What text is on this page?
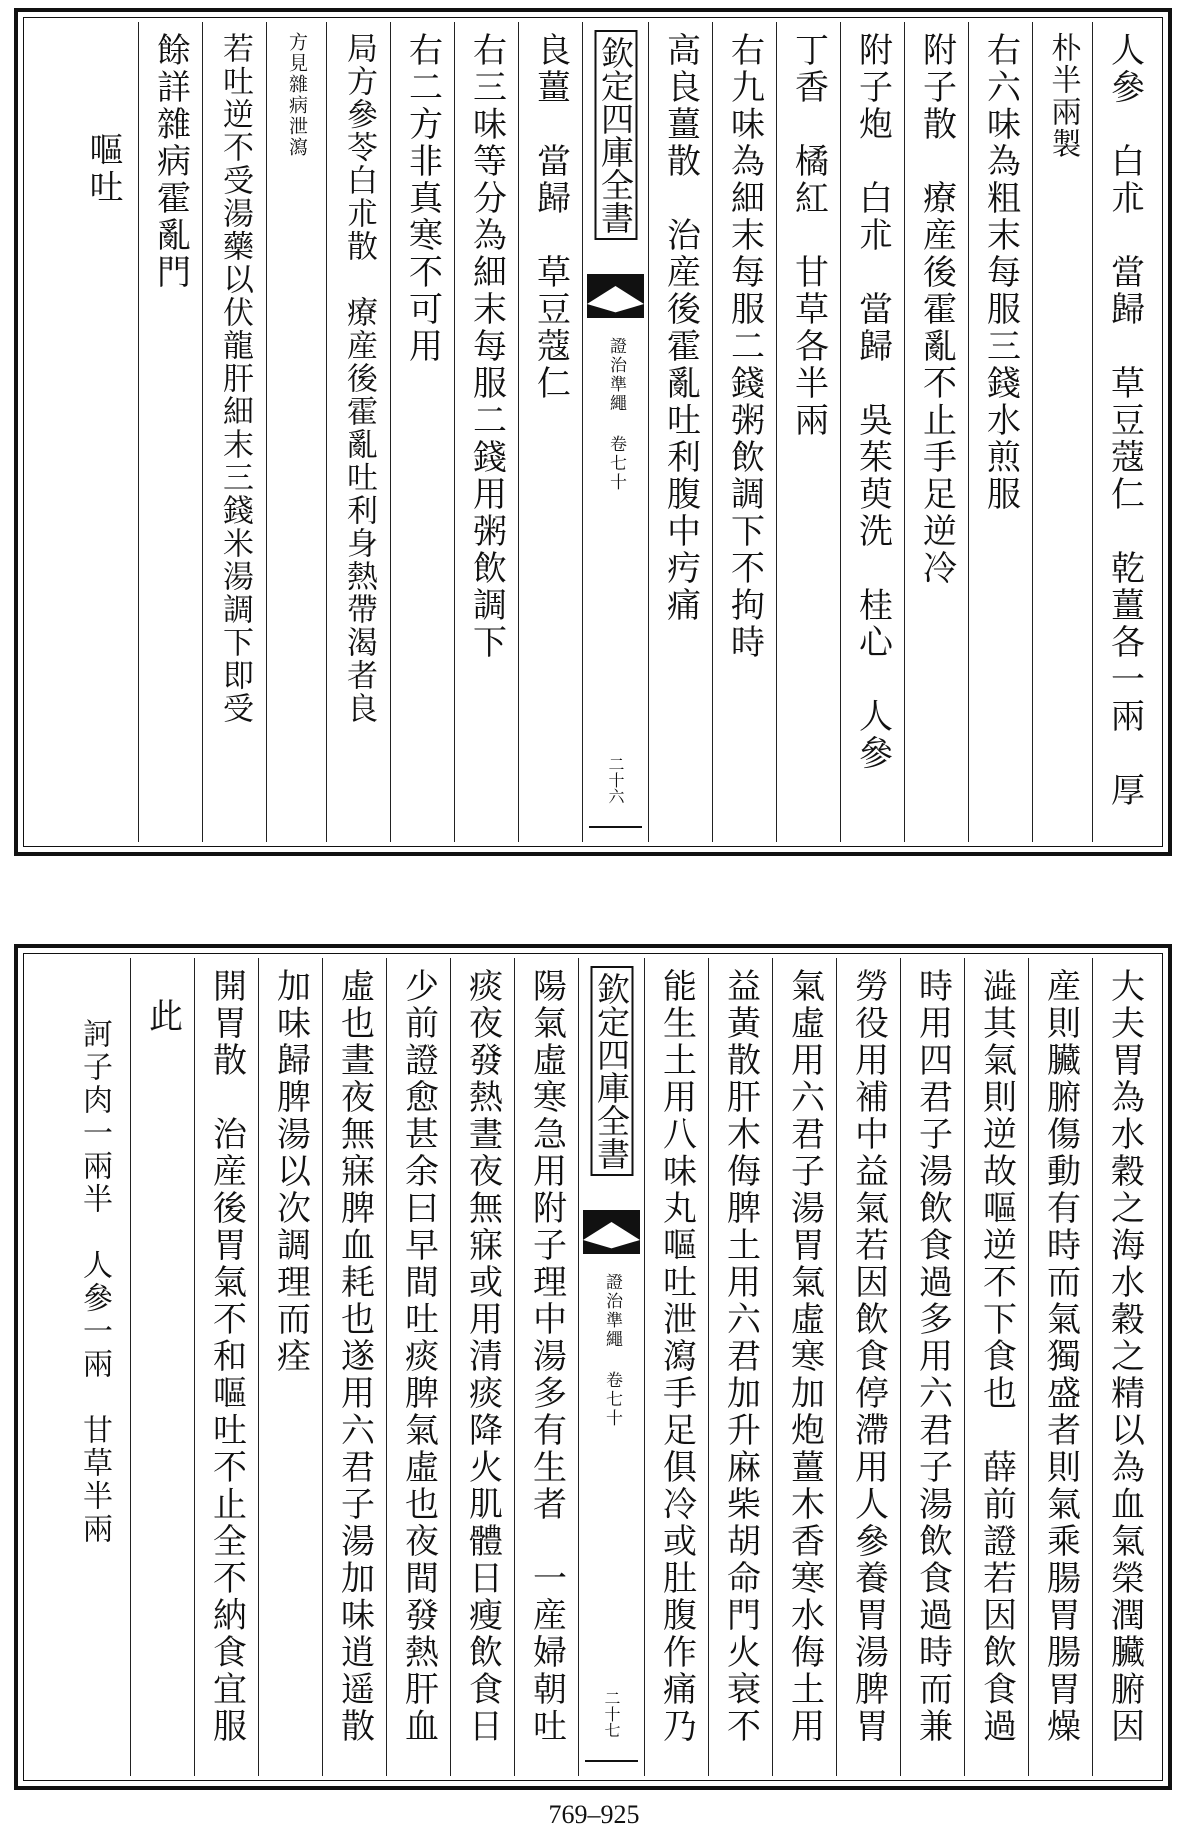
人參　白朮　當歸　草豆蔻仁　乾薑各一兩　厚
朴半兩製
右六味為粗末每服三錢水煎服
附子散　療産後霍亂不止手足逆冷
附子炮　白朮　當歸　吳茱萸洗　桂心　人參
丁香　橘紅　甘草各半兩
右九味為細末每服二錢粥飲調下不拘時
高良薑散　治産後霍亂吐利腹中㽲痛
欽定四庫全書
證治準繩 卷七十
二十六
良薑　當歸　草豆蔻仁
右三味等分為細末每服二錢用粥飲調下
右二方非真寒不可用
局方參苓白朮散　療産後霍亂吐利身熱帶渴者良
方見雜病泄瀉
若吐逆不受湯藥以伏龍肝細末三錢米湯調下即受
餘詳雜病霍亂門
嘔吐
大夫胃為水穀之海水穀之精以為血氣榮潤臟腑因
産則臟腑傷動有時而氣獨盛者則氣乘腸胃腸胃燥
澁其氣則逆故嘔逆不下食也　薛前證若因飲食過
時用四君子湯飲食過多用六君子湯飲食過時而兼
勞役用補中益氣若因飲食停滯用人參養胃湯脾胃
氣虛用六君子湯胃氣虛寒加炮薑木香寒水侮土用
益黃散肝木侮脾土用六君加升麻柴胡命門火衰不
能生土用八味丸嘔吐泄瀉手足俱冷或肚腹作痛乃
欽定四庫全書
證治準繩 卷七十
二十七
陽氣虛寒急用附子理中湯多有生者　一産婦朝吐
痰夜發熱晝夜無寐或用清痰降火肌體日瘦飲食日
少前證愈甚余曰早間吐痰脾氣虛也夜間發熱肝血
虛也晝夜無寐脾血耗也遂用六君子湯加味逍遥散
加味歸脾湯以次調理而痊
開胃散　治産後胃氣不和嘔吐不止全不納食宜服
此
訶子肉一兩半　人參一兩　甘草半兩
769–925
